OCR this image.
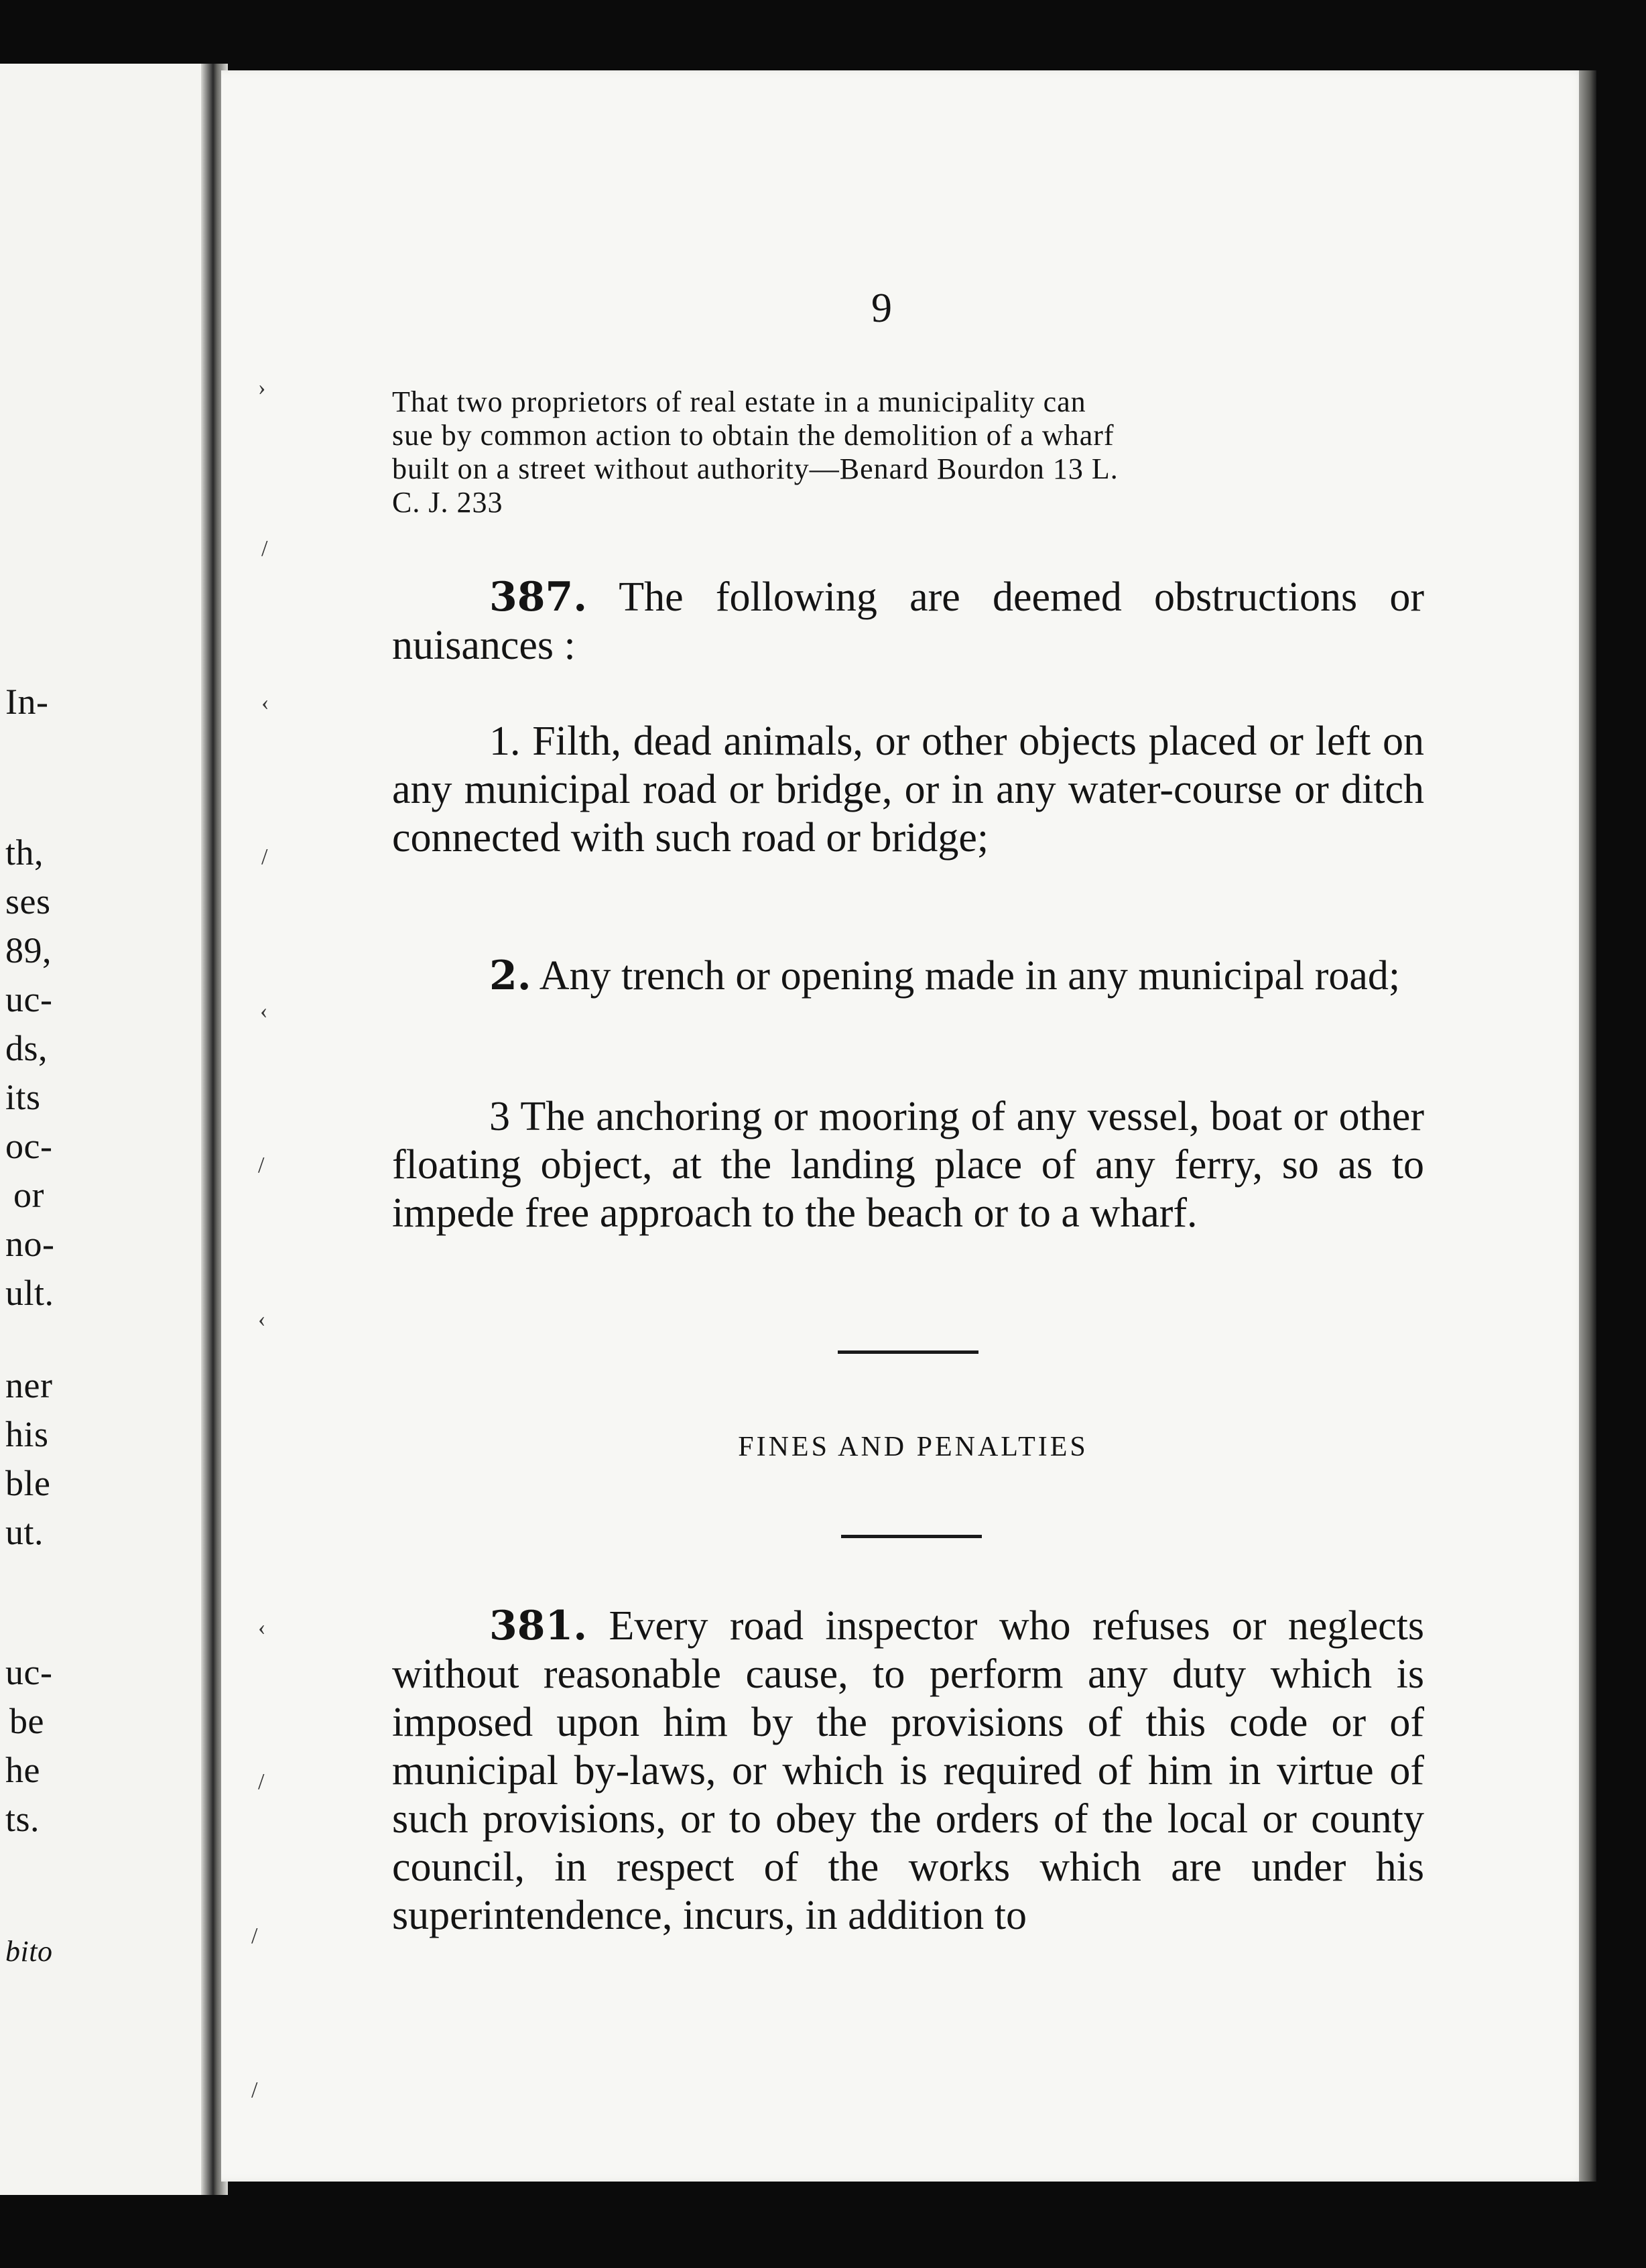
In-
th,
ses
89,
uc-
ds,
its
oc-
or
no-
ult.
ner
his
ble
ut.
uc-
be
he
ts.
bito
9

That two proprietors of real estate in a municipality can

sue by common action to obtain the demolition of a wharf

built on a street without authority—Benard Bourdon 13 L.

C. J. 233

387. The following are deemed obstructions or nuisances :

1. Filth, dead animals, or other objects placed or left on any municipal road or bridge, or in any water-course or ditch connected with such road or bridge;

2. Any trench or opening made in any municipal road;

3 The anchoring or mooring of any vessel, boat or other floating object, at the landing place of any ferry, so as to impede free approach to the beach or to a wharf.

FINES AND PENALTIES

381. Every road inspector who refuses or neglects without reasonable cause, to perform any duty which is imposed upon him by the provisions of this code or of municipal by-laws, or which is required of him in virtue of such provisions, or to obey the orders of the local or county council, in respect of the works which are under his superintendence, incurs, in addition to

›
/
‹
/
‹
/
‹
‹
/
/
/
